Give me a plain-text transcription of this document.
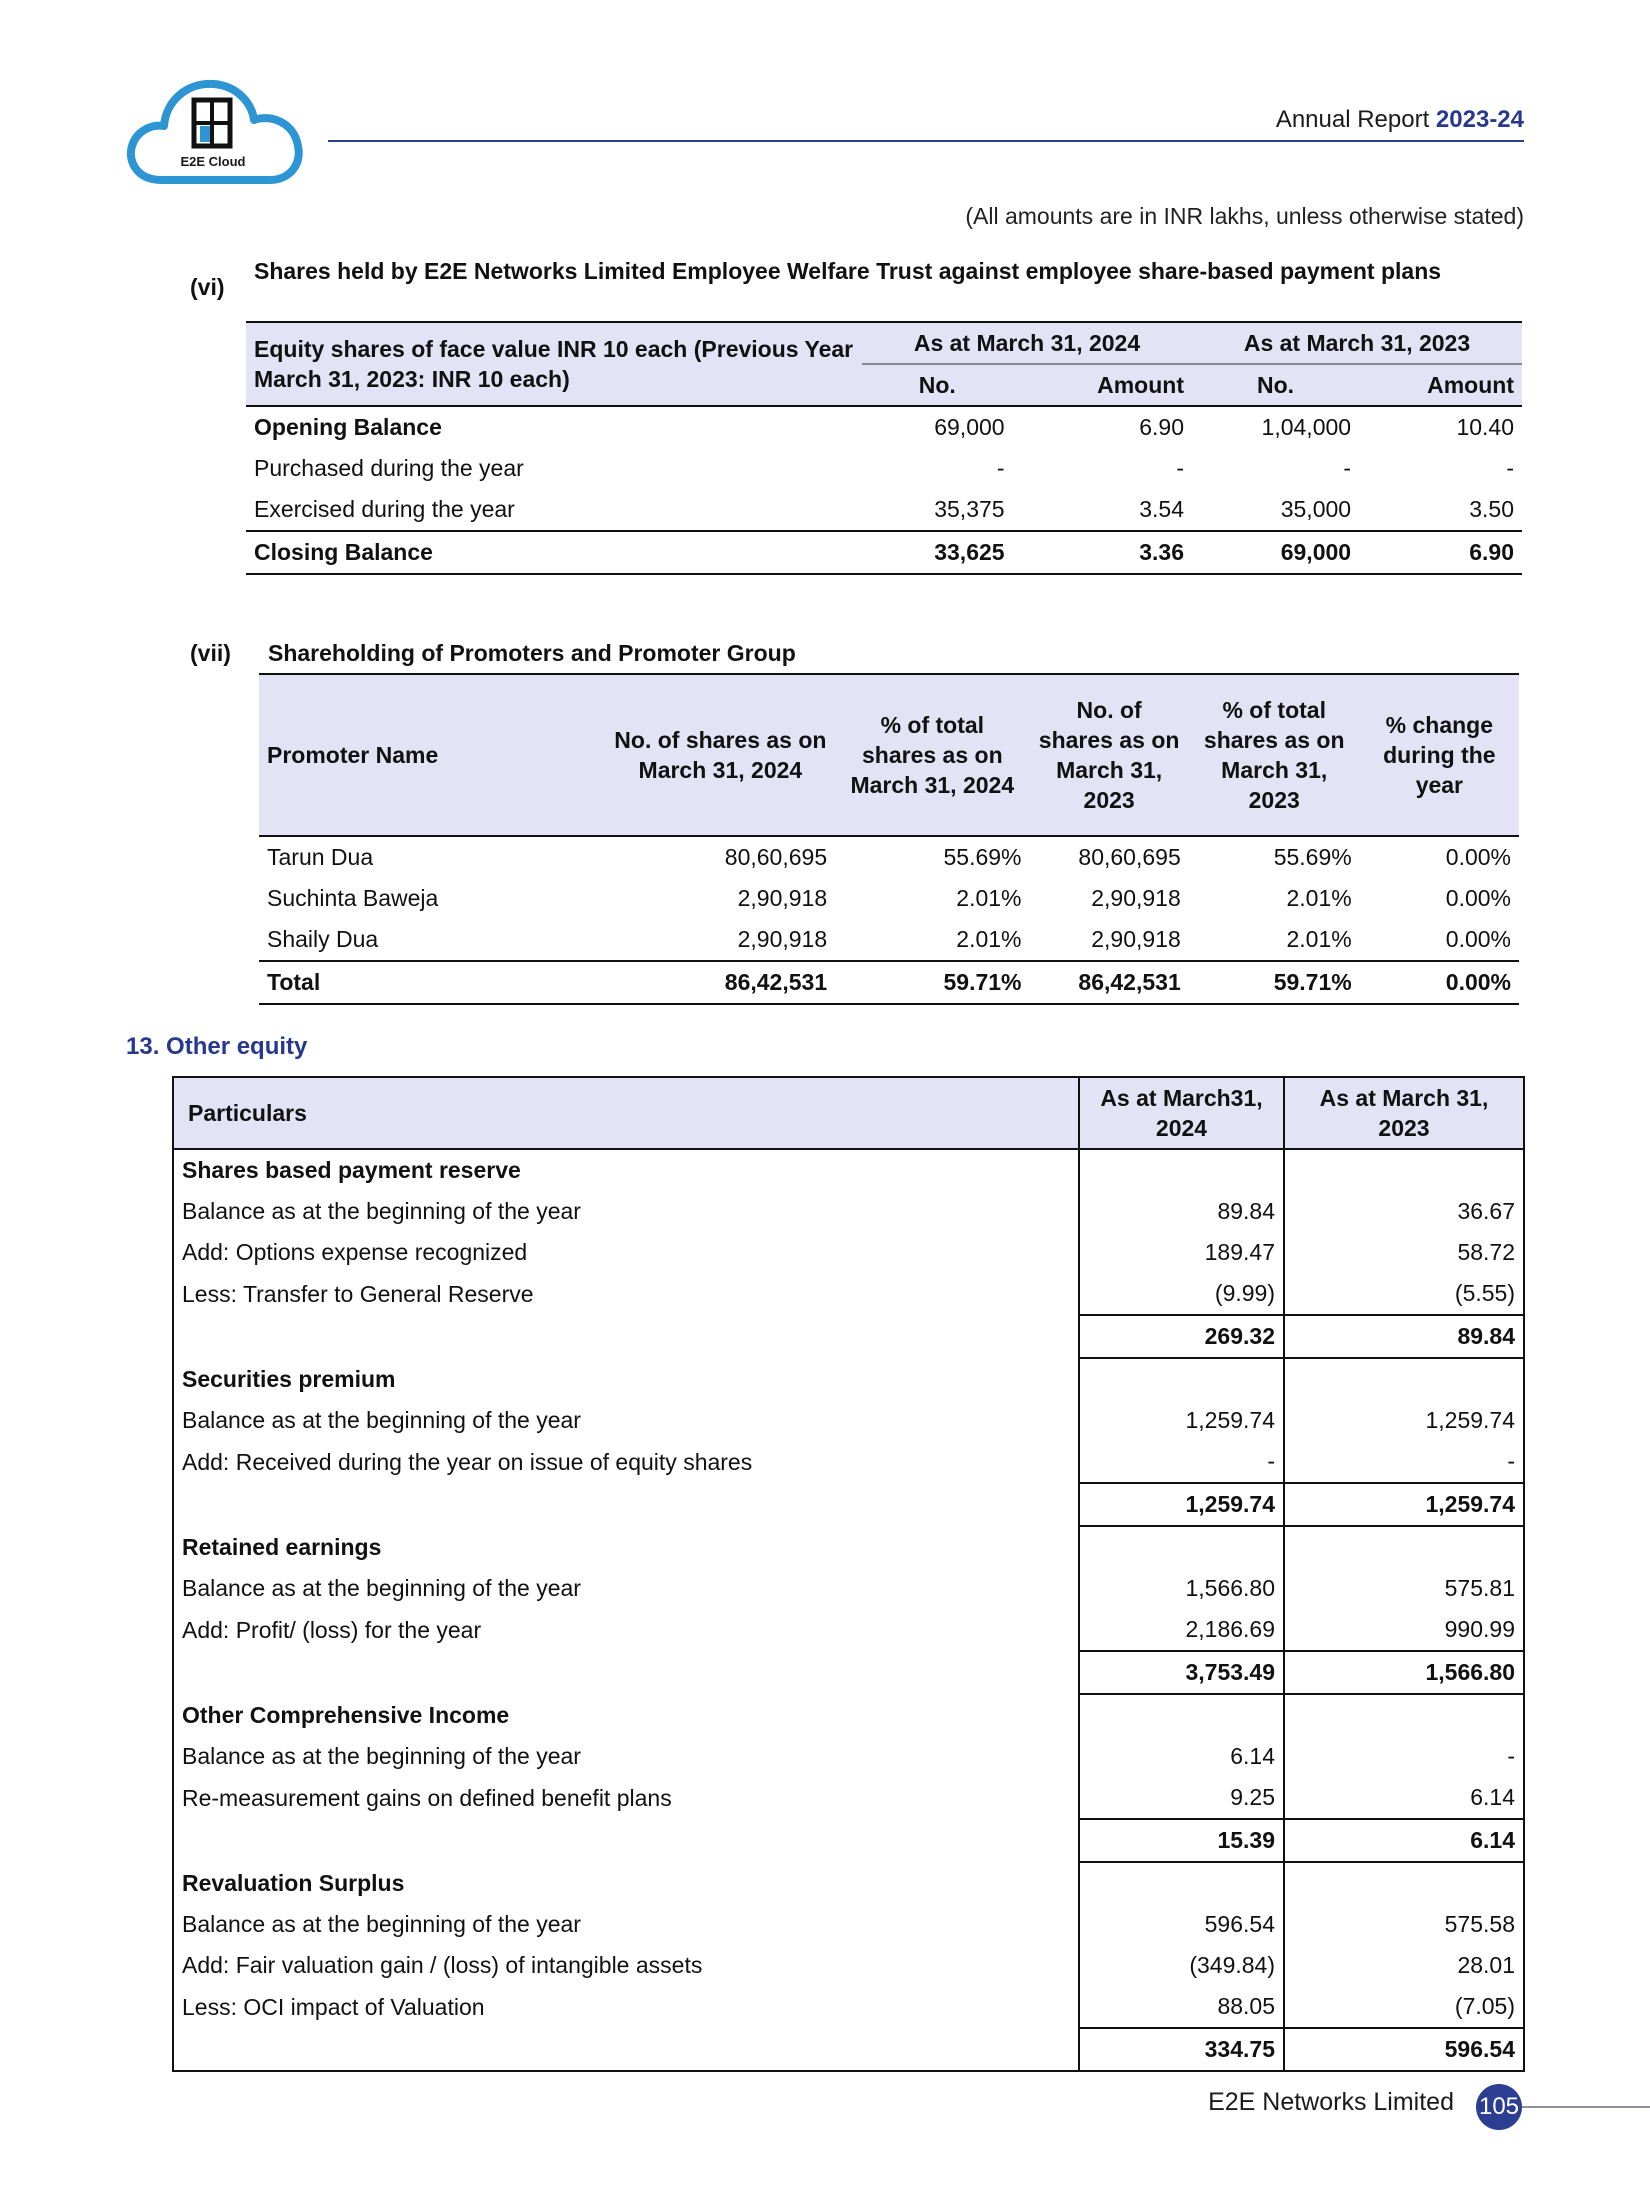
E2E Cloud
Annual Report 2023-24
(All amounts are in INR lakhs, unless otherwise stated)
(vi)
Shares held by E2E Networks Limited Employee Welfare Trust against employee share-based payment plans
Equity shares of face value INR 10 each (Previous Year March 31, 2023: INR 10 each)	As at March 31, 2024		As at March 31, 2023	
	No.	Amount	No.	Amount
Opening Balance	69,000	6.90	1,04,000	10.40
Purchased during the year	-	-	-	-
Exercised during the year	35,375	3.54	35,000	3.50
Closing Balance	33,625	3.36	69,000	6.90
(vii) Shareholding of Promoters and Promoter Group
Promoter Name	No. of shares as on March 31, 2024	% of total shares as on March 31, 2024	No. of shares as on March 31, 2023	% of total shares as on March 31, 2023	% change during the year
Tarun Dua	80,60,695	55.69%	80,60,695	55.69%	0.00%
Suchinta Baweja	2,90,918	2.01%	2,90,918	2.01%	0.00%
Shaily Dua	2,90,918	2.01%	2,90,918	2.01%	0.00%
Total	86,42,531	59.71%	86,42,531	59.71%	0.00%
13. Other equity
Particulars	As at March31, 2024	As at March 31, 2023
Shares based payment reserve		
Balance as at the beginning of the year	89.84	36.67
Add: Options expense recognized	189.47	58.72
Less: Transfer to General Reserve	(9.99)	(5.55)
	269.32	89.84
Securities premium		
Balance as at the beginning of the year	1,259.74	1,259.74
Add: Received during the year on issue of equity shares	-	-
	1,259.74	1,259.74
Retained earnings		
Balance as at the beginning of the year	1,566.80	575.81
Add: Profit/ (loss) for the year	2,186.69	990.99
	3,753.49	1,566.80
Other Comprehensive Income		
Balance as at the beginning of the year	6.14	-
Re-measurement gains on defined benefit plans	9.25	6.14
	15.39	6.14
Revaluation Surplus		
Balance as at the beginning of the year	596.54	575.58
Add: Fair valuation gain / (loss) of intangible assets	(349.84)	28.01
Less: OCI impact of Valuation	88.05	(7.05)
	334.75	596.54
E2E Networks Limited 105
